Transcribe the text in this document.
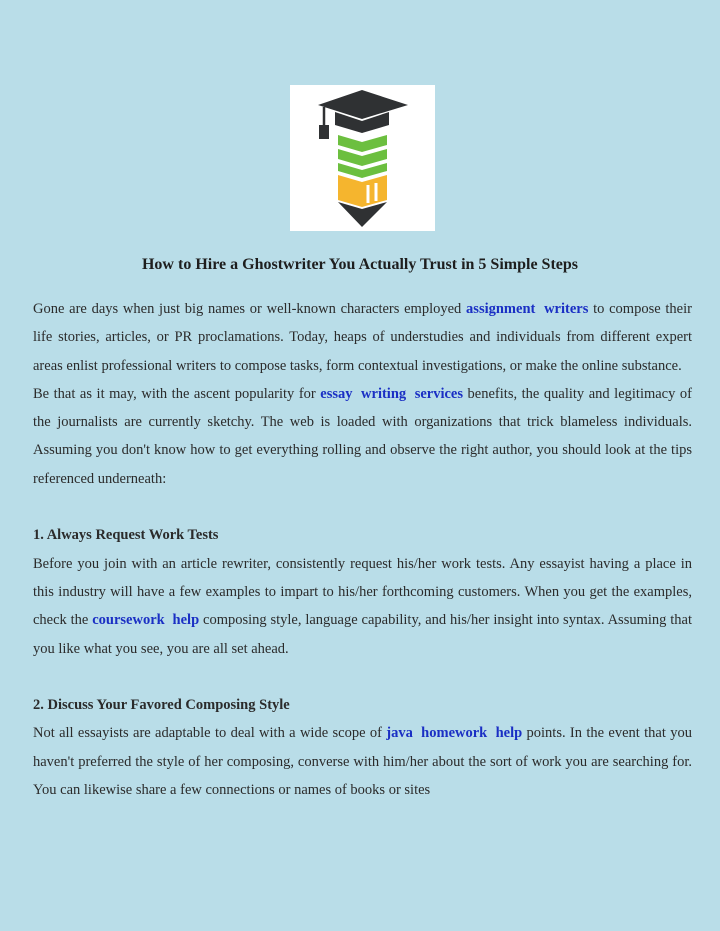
How to Hire a Ghostwriter You Actually Trust in 5 Simple Steps

Gone are days when just big names or well-known characters employed assignment writers to compose their life stories, articles, or PR proclamations. Today, heaps of understudies and individuals from different expert areas enlist professional writers to compose tasks, form contextual investigations, or make the online substance.

Be that as it may, with the ascent popularity for essay writing services benefits, the quality and legitimacy of the journalists are currently sketchy. The web is loaded with organizations that trick blameless individuals. Assuming you don't know how to get everything rolling and observe the right author, you should look at the tips referenced underneath:

1. Always Request Work Tests

Before you join with an article rewriter, consistently request his/her work tests. Any essayist having a place in this industry will have a few examples to impart to his/her forthcoming customers. When you get the examples, check the coursework help composing style, language capability, and his/her insight into syntax. Assuming that you like what you see, you are all set ahead.

2. Discuss Your Favored Composing Style

Not all essayists are adaptable to deal with a wide scope of java homework help points. In the event that you haven't preferred the style of her composing, converse with him/her about the sort of work you are searching for. You can likewise share a few connections or names of books or sites
